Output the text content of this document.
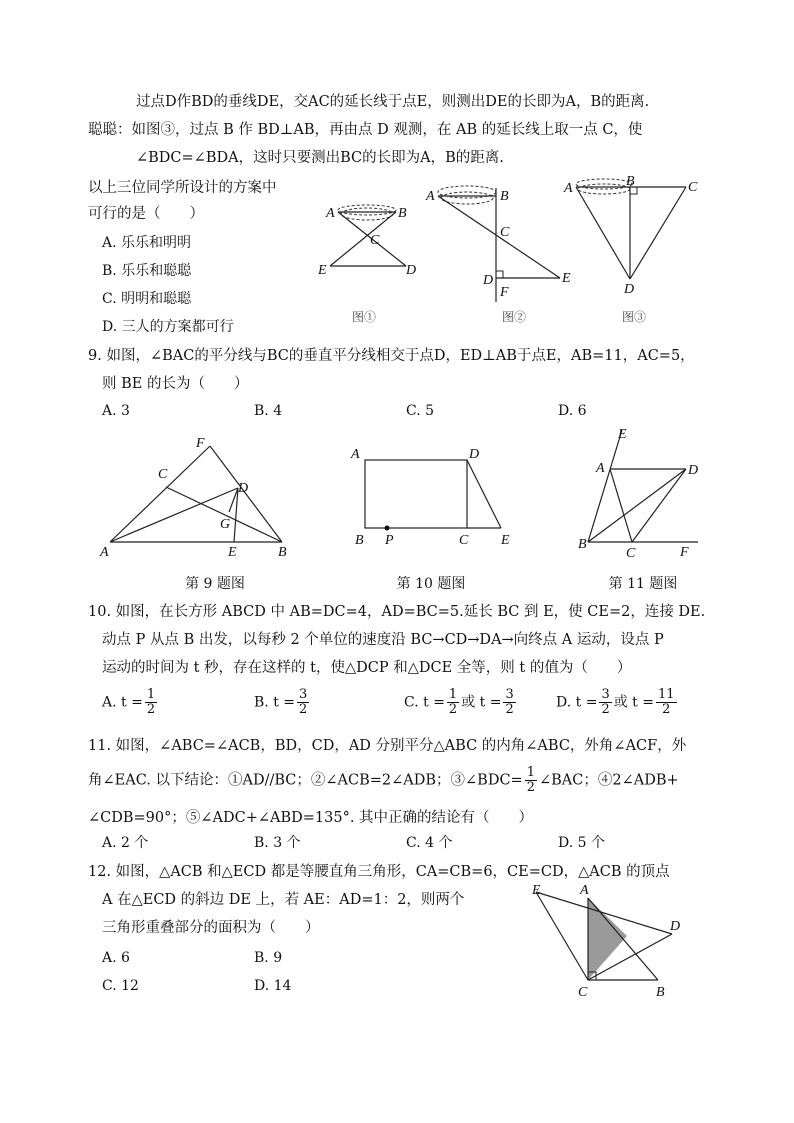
过点D作BD的垂线DE，交AC的延长线于点E，则测出DE的长即为A，B的距离.
聪聪：如图③，过点 B 作 BD⊥AB，再由点 D 观测，在 AB 的延长线上取一点 C，使
∠BDC=∠BDA，这时只要测出BC的长即为A，B的距离.
以上三位同学所设计的方案中
可行的是（　　）
A. 乐乐和明明
B. 乐乐和聪聪
C. 明明和聪聪
D. 三人的方案都可行
A	B
C
E	D
图①
A	B
C
D	E
F
图②
A	B	C
D
图③
9. 如图，∠BAC的平分线与BC的垂直平分线相交于点D，ED⊥AB于点E，AB=11，AC=5，
则 BE 的长为（　　）
A. 3	B. 4	C. 5	D. 6
F
C
D
G
A	E	B
A	D
B P	C E
E
A	D
B
C	F
第 9 题图	第 10 题图	第 11 题图
10. 如图，在长方形 ABCD 中 AB=DC=4，AD=BC=5.延长 BC 到 E，使 CE=2，连接 DE.
动点 P 从点 B 出发，以每秒 2 个单位的速度沿 BC→CD→DA→向终点 A 运动，设点 P
运动的时间为 t 秒，存在这样的 t，使△DCP 和△DCE 全等，则 t 的值为（　　）
A. $t = \frac{1}{2}$	B. $t = \frac{3}{2}$	C. $t = \frac{1}{2}$ 或 $t = \frac{3}{2}$	D. $t = \frac{3}{2}$ 或 $t = \frac{11}{2}$
11. 如图，∠ABC=∠ACB，BD，CD，AD 分别平分△ABC 的内角∠ABC，外角∠ACF，外
角∠EAC. 以下结论：①AD//BC；②∠ACB=2∠ADB；③∠BDC= $\frac{1}{2}$ ∠BAC；④2∠ADB+
∠CDB=90°；⑤∠ADC+∠ABD=135°. 其中正确的结论有（　　）
A. 2 个	B. 3 个	C. 4 个	D. 5 个
12. 如图，△ACB 和△ECD 都是等腰直角三角形，CA=CB=6，CE=CD，△ACB 的顶点
A 在△ECD 的斜边 DE 上，若 AE：AD=1：2，则两个
三角形重叠部分的面积为（　　）
A. 6	B. 9
C. 12	D. 14
E	A
D
C	B
